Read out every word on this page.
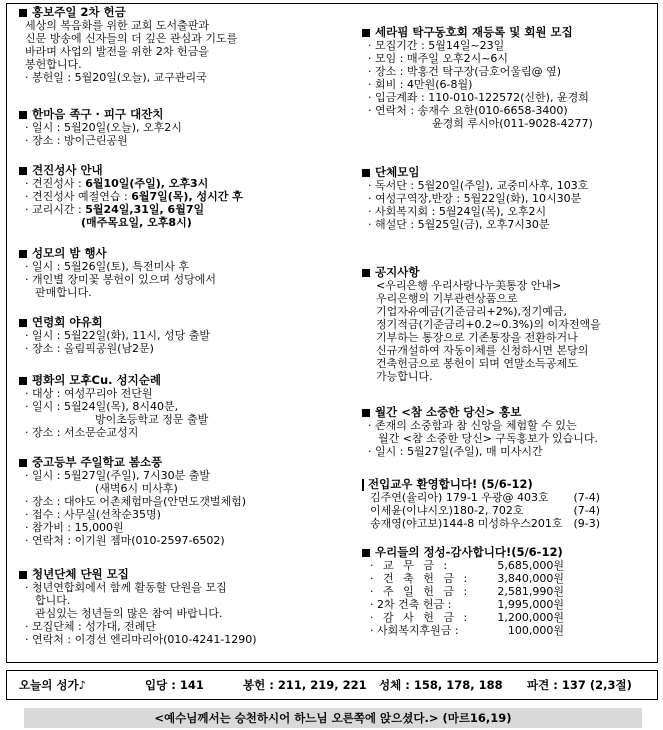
홍보주일 2차 헌금
세상의 복음화를 위한 교회 도서출판과
신문 방송에 신자들의 더 깊은 관심과 기도를
바라며 사업의 발전을 위한 2차 헌금을
봉헌합니다.
· 봉헌일 : 5월20일(오늘), 교구관리국
한마음 족구 · 피구 대잔치
· 일시 : 5월20일(오늘), 오후2시
· 장소 : 방이근린공원
견진성사 안내
· 견진성사 : 6월10일(주일), 오후3시
· 견진성사 예절연습 : 6월7일(목), 성시간 후
· 교리시간 : 5월24일,31일, 6월7일
(매주목요일, 오후8시)
성모의 밤 행사
· 일시 : 5월26일(토), 특전미사 후
· 개인별 장미꽃 봉헌이 있으며 성당에서
판매합니다.
연령회 야유회
· 일시 : 5월22일(화), 11시, 성당 출발
· 장소 : 올림픽공원(남2문)
평화의 모후Cu. 성지순례
· 대상 : 여성꾸리아 전단원
· 일시 : 5월24일(목), 8시40분,
방이초등학교 정문 출발
· 장소 : 서소문순교성지
중고등부 주일학교 봄소풍
· 일시 : 5월27일(주일), 7시30분 출발
(새벽6시 미사후)
· 장소 : 대야도 어촌체험마을(안면도갯벌체험)
· 접수 : 사무실(선착순35명)
· 참가비 : 15,000원
· 연락처 : 이기원 젬마(010-2597-6502)
청년단체 단원 모집
· 청년연합회에서 함께 활동할 단원을 모집
합니다.
관심있는 청년들의 많은 참여 바랍니다.
· 모집단체 : 성가대, 전례단
· 연락처 : 이경선 엔리마리아(010-4241-1290)
세라핌 탁구동호회 재등록 및 회원 모집
· 모집기간 : 5월14일~23일
· 모임 : 매주일 오후2시~6시
· 장소 : 박홍건 탁구장(금호어울림@ 옆)
· 회비 : 4만원(6-8월)
· 입금계좌 : 110-010-122572(신한), 윤경희
· 연락처 : 송재수 요한(010-6658-3400)
윤경희 루시아(011-9028-4277)
단체모임
· 독서단 : 5월20일(주일), 교중미사후, 103호
· 여성구역장,반장 : 5월22일(화), 10시30분
· 사회복지회 : 5월24일(목), 오후2시
· 해설단 : 5월25일(금), 오후7시30분
공지사항
<우리은행 우리사랑나누美통장 안내>
우리은행의 기부관련상품으로
기업자유예금(기준금리+2%),정기예금,
정기적금(기준금리+0.2~0.3%)의 이자전액을
기부하는 통장으로 기존통장을 전환하거나
신규개설하여 자동이체를 신청하시면 본당의
건축헌금으로 봉헌이 되며 연말소득공제도
가능합니다.
월간 <참 소중한 당신> 홍보
· 존재의 소중함과 참 신앙을 체험할 수 있는
월간 <참 소중한 당신> 구독홍보가 있습니다.
· 일시 : 5월27일(주일), 매 미사시간
전입교우 환영합니다! (5/6-12)
김주연(율리아) 179-1 우광@ 403호	(7-4)
이세윤(이냐시오)180-2, 702호	(7-4)
송재영(야고보)144-8 미성하우스201호 (9-3)
우리들의 정성-감사합니다!(5/6-12)
· 교 무 금 :	5,685,000원
· 건 축 헌 금 :	3,840,000원
· 주 일 헌 금 :	2,581,990원
· 2차 건축 헌금 :	1,995,000원
· 감 사 헌 금 :	1,200,000원
· 사회복지후원금 :	100,000원
오늘의 성가♪	입당 : 141	봉헌 : 211, 219, 221 성체 : 158, 178, 188 파견 : 137 (2,3절)
<예수님께서는 승천하시어 하느님 오른쪽에 앉으셨다.> (마르16,19)
